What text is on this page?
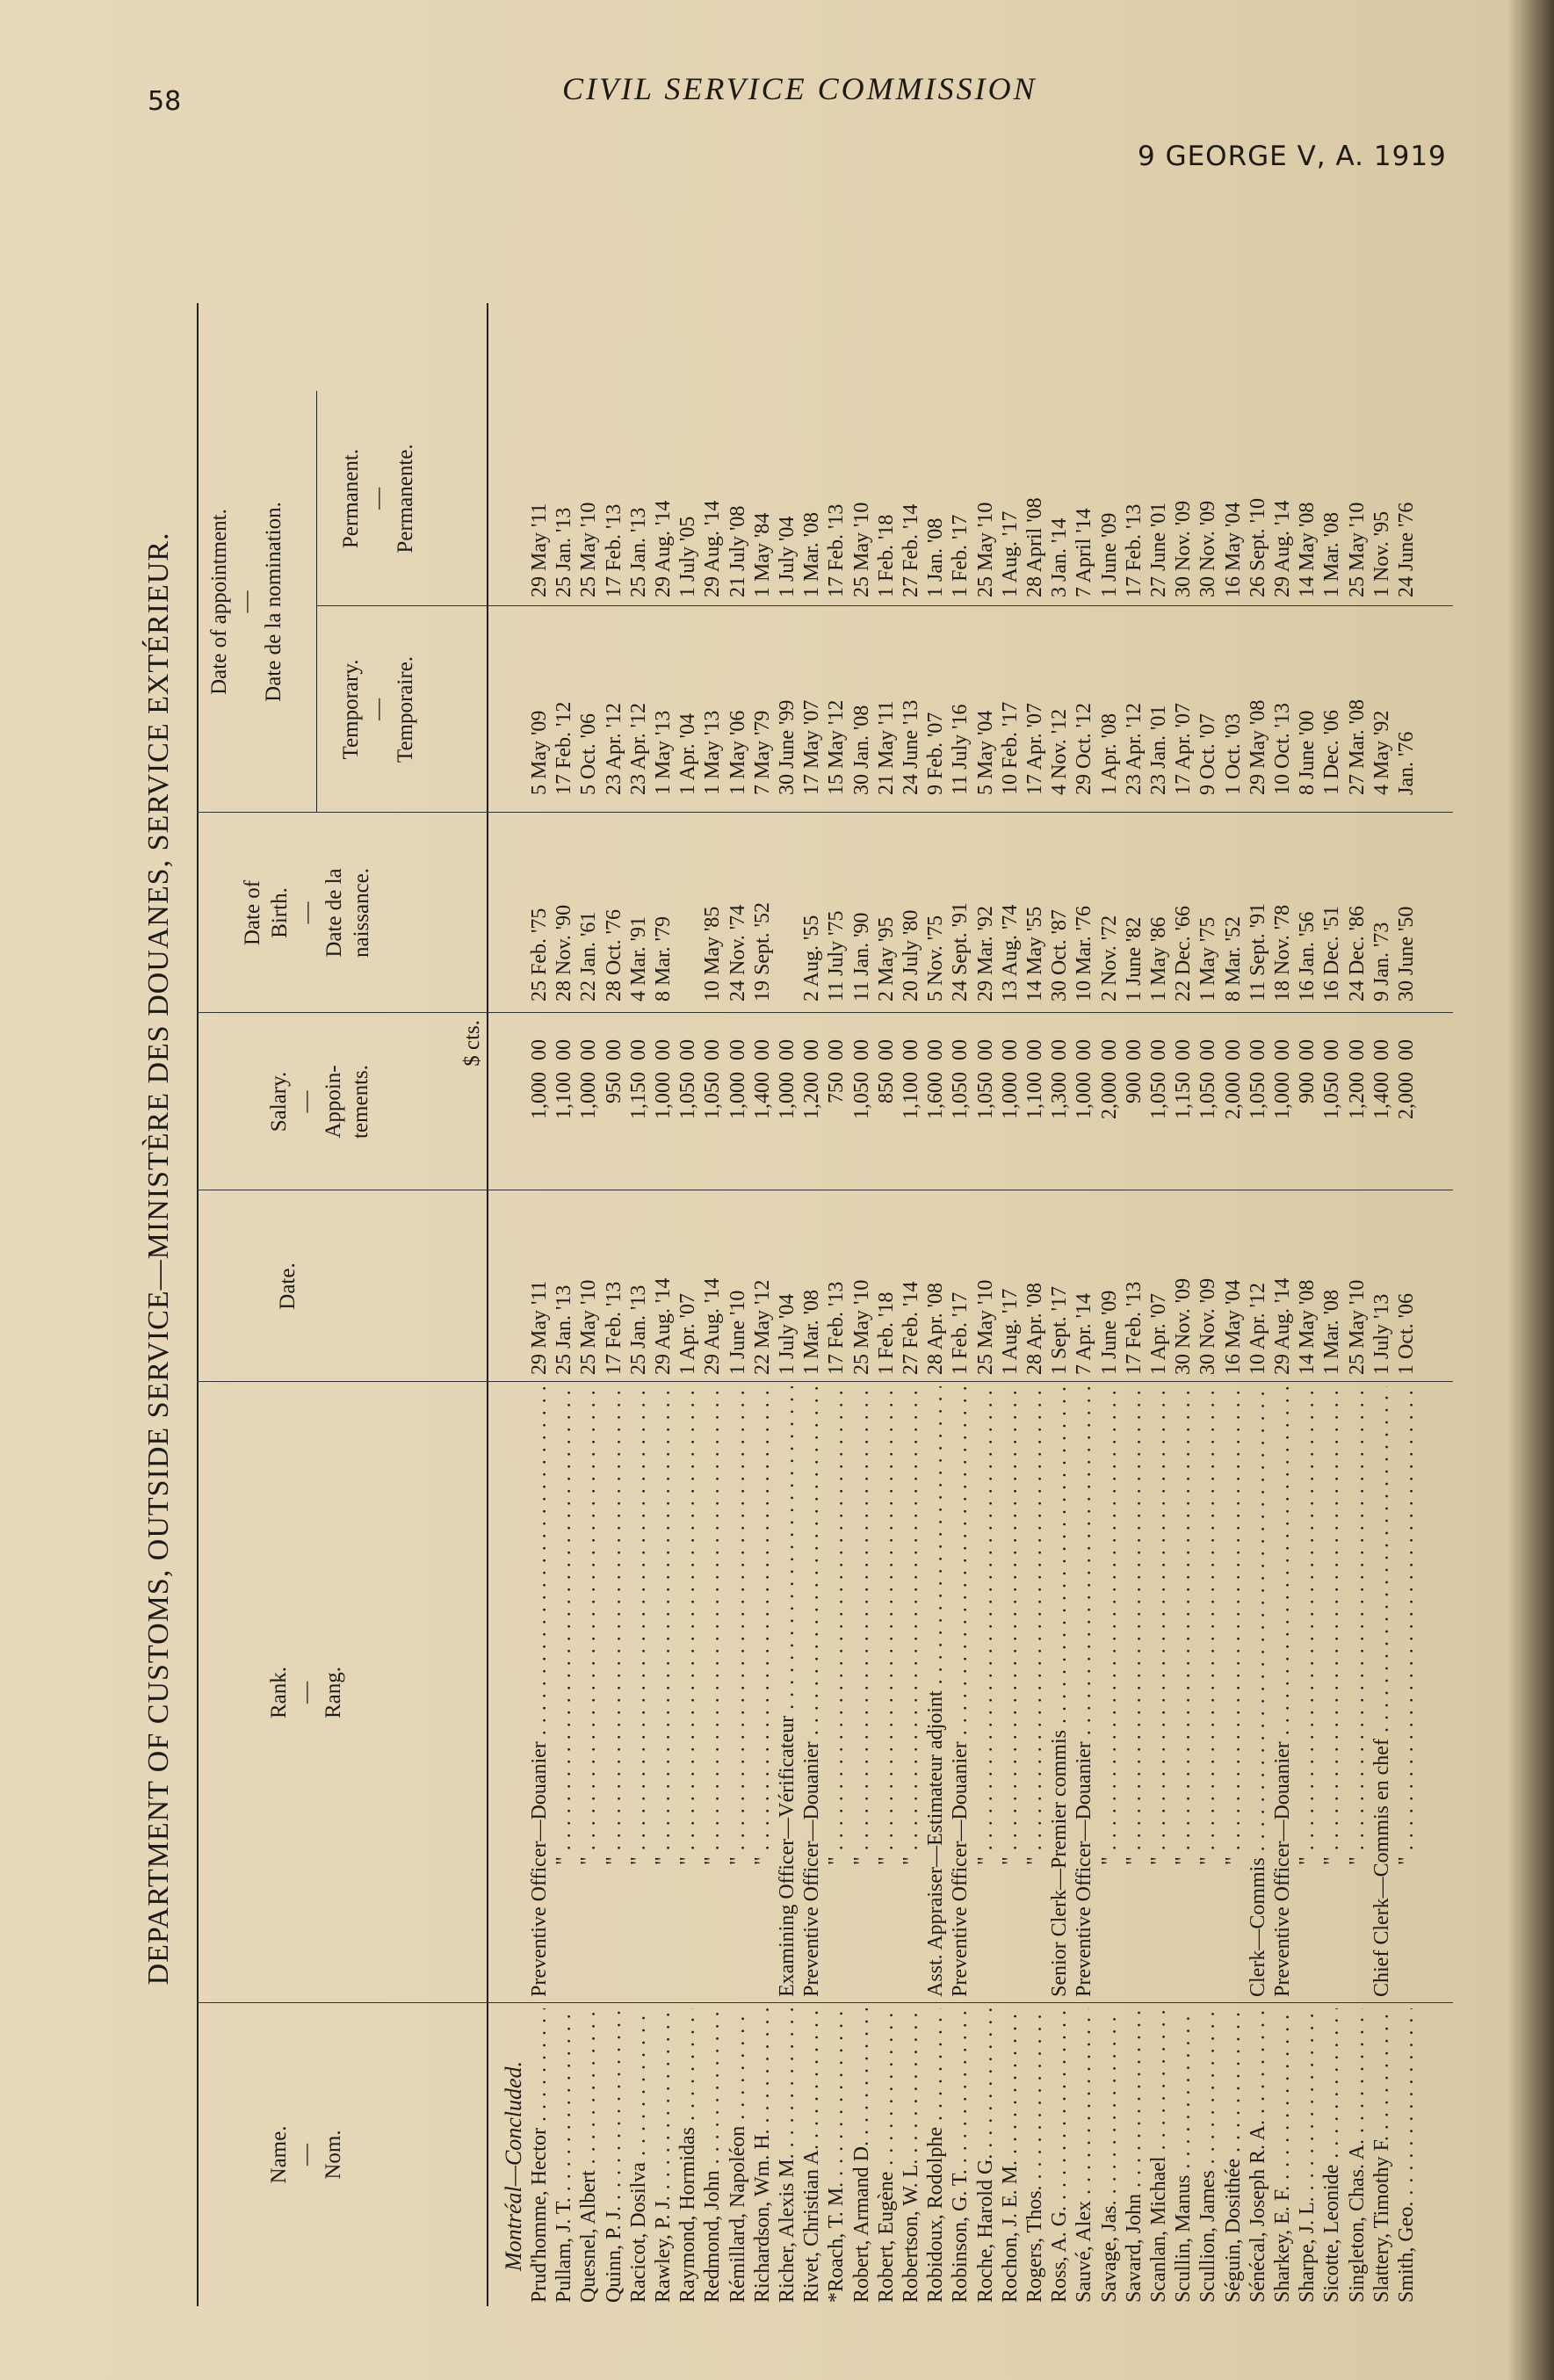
58	CIVIL SERVICE COMMISSION
9 GEORGE V, A. 1919
DEPARTMENT OF CUSTOMS, OUTSIDE SERVICE—MINISTÈRE DES DOUANES, SERVICE EXTÉRIEUR.
Name. — Nom.
Rank. — Rang.
Date.
Salary. — Appoin- tements.
$ cts.
Date of Birth. — Date de la naissance.
Date of appointment. — Date de la nomination.
Temporary. — Temporaire.
Permanent. — Permanente.
Montréal—Concluded. Prud'homme, Hector . . .
Preventive Officer—Douanier . . .
29 May '11
1,000
00
25 Feb. '75
5 May '09
29 May '11
Pullam, J. T. . . .
" . . .
25 Jan. '13
1,100
00
28 Nov. '90
17 Feb. '12
25 Jan. '13
Quesnel, Albert . . .
" . . .
25 May '10
1,000
00
22 Jan. '61
5 Oct. '06
25 May '10
Quinn, P. J. . . .
" . . .
17 Feb. '13
950
00
28 Oct. '76
23 Apr. '12
17 Feb. '13
Racicot, Dosilva . . .
" . . .
25 Jan. '13
1,150
00
4 Mar. '91
23 Apr. '12
25 Jan. '13
Rawley, P. J. . . .
" . . .
29 Aug. '14
1,000
00
8 Mar. '79
1 May '13
29 Aug. '14
Raymond, Hormidas . . .
" . . .
1 Apr. '07
1,050
00
1 Apr. '04
1 July '05
Redmond, John . . .
" . . .
29 Aug. '14
1,050
00
10 May '85
1 May '13
29 Aug. '14
Rémillard, Napoléon . . .
" . . .
1 June '10
1,000
00
24 Nov. '74
1 May '06
21 July '08
Richardson, Wm. H. . . .
" . . .
22 May '12
1,400
00
19 Sept. '52
7 May '79
1 May '84
Richer, Alexis M. . . .
Examining Officer—Vérificateur . . .
1 July '04
1,000
00
30 June '99
1 July '04
Rivet, Christian A. . . .
Preventive Officer—Douanier . . .
1 Mar. '08
1,200
00
2 Aug. '55
17 May '07
1 Mar. '08
*Roach, T. M. . . .
" . . .
17 Feb. '13
750
00
11 July '75
15 May '12
17 Feb. '13
Robert, Armand D. . . .
" . . .
25 May '10
1,050
00
11 Jan. '90
30 Jan. '08
25 May '10
Robert, Eugène . . .
" . . .
1 Feb. '18
850
00
2 May '95
21 May '11
1 Feb. '18
Robertson, W. L. . . .
" . . .
27 Feb. '14
1,100
00
20 July '80
24 June '13
27 Feb. '14
Robidoux, Rodolphe . . .
Asst. Appraiser—Estimateur adjoint . . .
28 Apr. '08
1,600
00
5 Nov. '75
9 Feb. '07
1 Jan. '08
Robinson, G. T. . . .
Preventive Officer—Douanier . . .
1 Feb. '17
1,050
00
24 Sept. '91
11 July '16
1 Feb. '17
Roche, Harold G. . . .
" . . .
25 May '10
1,050
00
29 Mar. '92
5 May '04
25 May '10
Rochon, J. E. M. . . .
" . . .
1 Aug. '17
1,000
00
13 Aug. '74
10 Feb. '17
1 Aug. '17
Rogers, Thos. . . .
" . . .
28 Apr. '08
1,100
00
14 May '55
17 Apr. '07
28 April '08
Ross, A. G. . . .
Senior Clerk—Premier commis . . .
1 Sept. '17
1,300
00
30 Oct. '87
4 Nov. '12
3 Jan. '14
Sauvé, Alex . . .
Preventive Officer—Douanier . . .
7 Apr. '14
1,000
00
10 Mar. '76
29 Oct. '12
7 April '14
Savage, Jas. . . .
" . . .
1 June '09
2,000
00
2 Nov. '72
1 Apr. '08
1 June '09
Savard, John . . .
" . . .
17 Feb. '13
900
00
1 June '82
23 Apr. '12
17 Feb. '13
Scanlan, Michael . . .
" . . .
1 Apr. '07
1,050
00
1 May '86
23 Jan. '01
27 June '01
Scullin, Manus . . .
" . . .
30 Nov. '09
1,150
00
22 Dec. '66
17 Apr. '07
30 Nov. '09
Scullion, James . . .
" . . .
30 Nov. '09
1,050
00
1 May '75
9 Oct. '07
30 Nov. '09
Séguin, Dosithée . . .
" . . .
16 May '04
2,000
00
8 Mar. '52
1 Oct. '03
16 May '04
Sénécal, Joseph R. A. . . .
Clerk—Commis . . .
10 Apr. '12
1,050
00
11 Sept. '91
29 May '08
26 Sept. '10
Sharkey, E. F. . . .
Preventive Officer—Douanier . . .
29 Aug. '14
1,000
00
18 Nov. '78
10 Oct. '13
29 Aug. '14
Sharpe, J. L. . . .
" . . .
14 May '08
900
00
16 Jan. '56
8 June '00
14 May '08
Sicotte, Leonide . . .
" . . .
1 Mar. '08
1,050
00
16 Dec. '51
1 Dec. '06
1 Mar. '08
Singleton, Chas. A. . . .
" . . .
25 May '10
1,200
00
24 Dec. '86
27 Mar. '08
25 May '10
Slattery, Timothy F. . . .
Chief Clerk—Commis en chef . . .
1 July '13
1,400
00
9 Jan. '73
4 May '92
1 Nov. '95
Smith, Geo. . . .
" . . .
1 Oct. '06
2,000
00
30 June '50
Jan. '76
24 June '76
